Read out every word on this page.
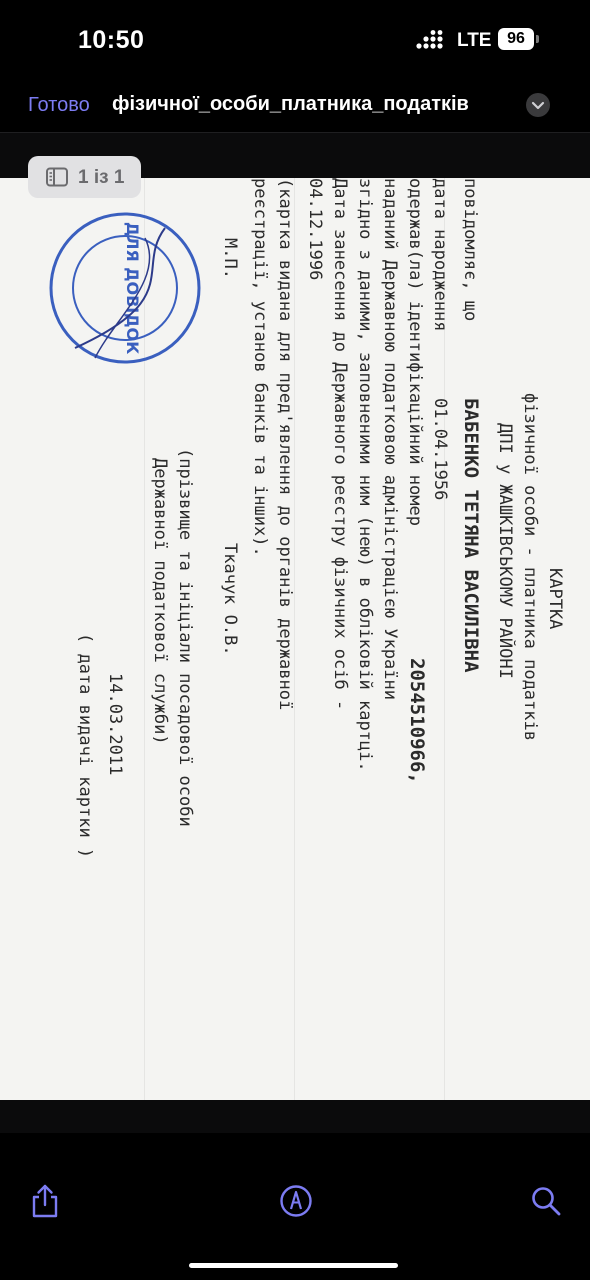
10:50	LTE 96
Готово фізичної_особи_платника_податків
1 із 1
КАРТКА
фізичної особи - платника податків
ДПІ у ЖАШКІВСЬКОМУ РАЙОНІ
повідомляє, що
БАБЕНКО ТЕТЯНА ВАСИЛІВНА
дата народження
01.04.1956
одержав(ла) ідентифікаційний номер
2054510966,
наданий Державною податковою адміністрацією України
згідно з даними, заповненими ним (нею) в обліковій картці.
Дата занесення до Державного реєстру фізичних осіб -
04.12.1996
(картка видана для пред'явлення до органів державної
реєстрації, установ банків та інших).
М.П.
Ткачук О.В.
(прізвище та ініціали посадової особи
Державної податкової служби)
14.03.2011
( дата видачі картки )
ДЛЯ ДОВІДОК
